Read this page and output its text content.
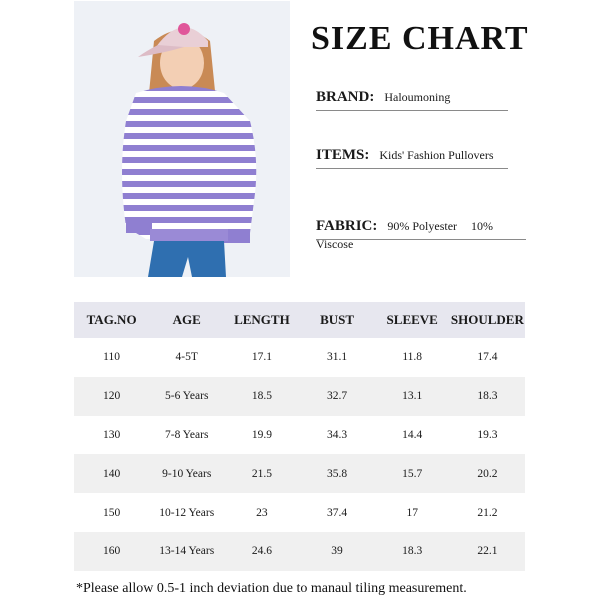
SIZE CHART
BRAND: Haloumoning
ITEMS: Kids' Fashion Pullovers
FABRIC: 90% Polyester 10% Viscose
TAG.NO	AGE	LENGTH	BUST	SLEEVE	SHOULDER
110	4-5T	17.1	31.1	11.8	17.4
120	5-6 Years	18.5	32.7	13.1	18.3
130	7-8 Years	19.9	34.3	14.4	19.3
140	9-10 Years	21.5	35.8	15.7	20.2
150	10-12 Years	23	37.4	17	21.2
160	13-14 Years	24.6	39	18.3	22.1
*Please allow 0.5-1 inch deviation due to manaul tiling measurement.
